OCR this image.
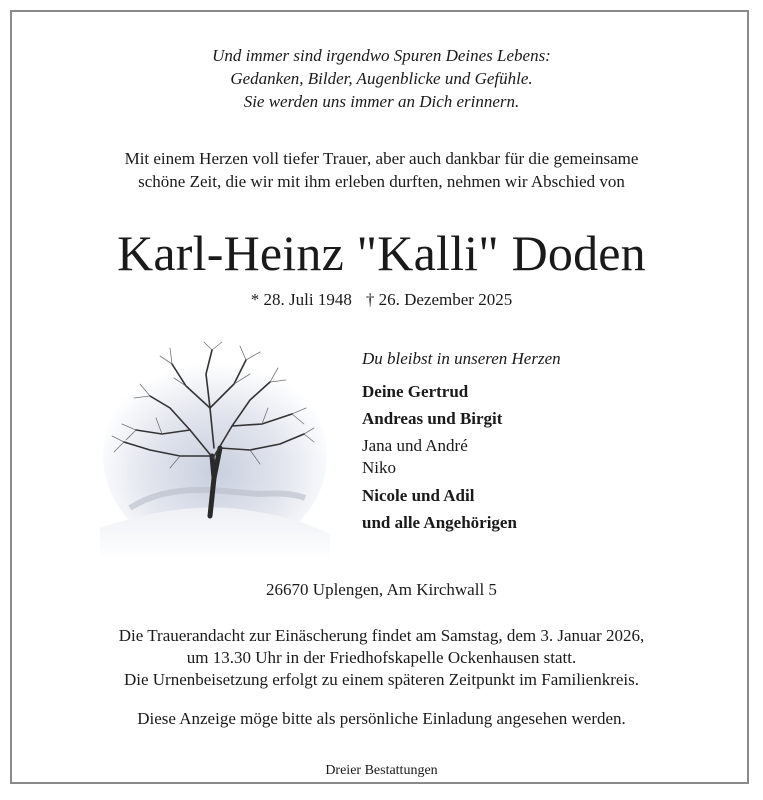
Und immer sind irgendwo Spuren Deines Lebens:
Gedanken, Bilder, Augenblicke und Gefühle.
Sie werden uns immer an Dich erinnern.
Mit einem Herzen voll tiefer Trauer, aber auch dankbar für die gemeinsame
schöne Zeit, die wir mit ihm erleben durften, nehmen wir Abschied von
Karl-Heinz "Kalli" Doden
* 28. Juli 1948 † 26. Dezember 2025
Du bleibst in unseren Herzen
Deine Gertrud
Andreas und Birgit
Jana und André
Niko
Nicole und Adil
und alle Angehörigen
26670 Uplengen, Am Kirchwall 5
Die Trauerandacht zur Einäscherung findet am Samstag, dem 3. Januar 2026,
um 13.30 Uhr in der Friedhofskapelle Ockenhausen statt.
Die Urnenbeisetzung erfolgt zu einem späteren Zeitpunkt im Familienkreis.
Diese Anzeige möge bitte als persönliche Einladung angesehen werden.
Dreier Bestattungen
